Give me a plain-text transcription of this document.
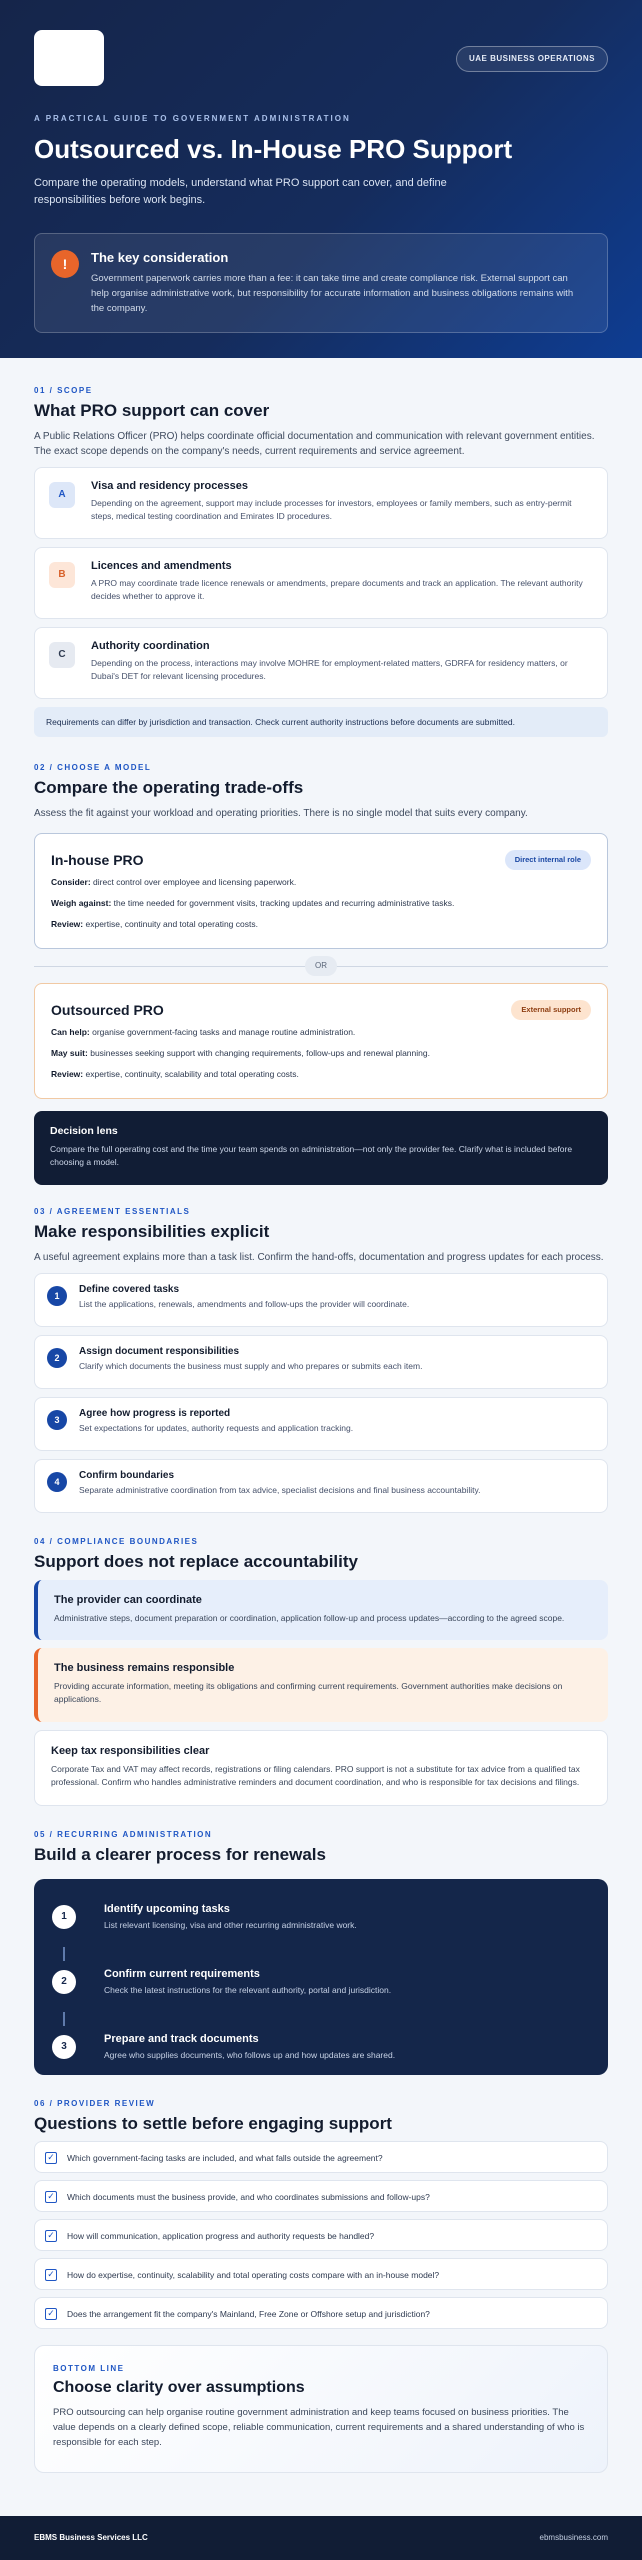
UAE BUSINESS OPERATIONS
A PRACTICAL GUIDE TO GOVERNMENT ADMINISTRATION
Outsourced vs. In-House PRO Support

Compare the operating models, understand what PRO support can cover, and define responsibilities before work begins.

!	The key consideration
Government paperwork carries more than a fee: it can take time and create compliance risk. External support can help organise administrative work, but responsibility for accurate information and business obligations remains with the company.
01 / SCOPE
What PRO support can cover

A Public Relations Officer (PRO) helps coordinate official documentation and communication with relevant government entities. The exact scope depends on the company's needs, current requirements and service agreement.

A
Visa and residency processes
Depending on the agreement, support may include processes for investors, employees or family members, such as entry-permit steps, medical testing coordination and Emirates ID procedures.
B
Licences and amendments
A PRO may coordinate trade licence renewals or amendments, prepare documents and track an application. The relevant authority decides whether to approve it.
C
Authority coordination
Depending on the process, interactions may involve MOHRE for employment-related matters, GDRFA for residency matters, or Dubai's DET for relevant licensing procedures.
Requirements can differ by jurisdiction and transaction. Check current authority instructions before documents are submitted.
02 / CHOOSE A MODEL
Compare the operating trade-offs

Assess the fit against your workload and operating priorities. There is no single model that suits every company.

In-house PRO	Direct internal role
Consider: direct control over employee and licensing paperwork.
Weigh against: the time needed for government visits, tracking updates and recurring administrative tasks.
Review: expertise, continuity and total operating costs.
OR
Outsourced PRO	External support
Can help: organise government-facing tasks and manage routine administration.
May suit: businesses seeking support with changing requirements, follow-ups and renewal planning.
Review: expertise, continuity, scalability and total operating costs.
Decision lens
Compare the full operating cost and the time your team spends on administration—not only the provider fee. Clarify what is included before choosing a model.
03 / AGREEMENT ESSENTIALS
Make responsibilities explicit

A useful agreement explains more than a task list. Confirm the hand-offs, documentation and progress updates for each process.

1
Define covered tasks
List the applications, renewals, amendments and follow-ups the provider will coordinate.
2
Assign document responsibilities
Clarify which documents the business must supply and who prepares or submits each item.
3
Agree how progress is reported
Set expectations for updates, authority requests and application tracking.
4
Confirm boundaries
Separate administrative coordination from tax advice, specialist decisions and final business accountability.
04 / COMPLIANCE BOUNDARIES
Support does not replace accountability
The provider can coordinate
Administrative steps, document preparation or coordination, application follow-up and process updates—according to the agreed scope.
The business remains responsible
Providing accurate information, meeting its obligations and confirming current requirements. Government authorities make decisions on applications.
Keep tax responsibilities clear
Corporate Tax and VAT may affect records, registrations or filing calendars. PRO support is not a substitute for tax advice from a qualified tax professional. Confirm who handles administrative reminders and document coordination, and who is responsible for tax decisions and filings.
05 / RECURRING ADMINISTRATION
Build a clearer process for renewals
1
Identify upcoming tasks
List relevant licensing, visa and other recurring administrative work.
2
Confirm current requirements
Check the latest instructions for the relevant authority, portal and jurisdiction.
3
Prepare and track documents
Agree who supplies documents, who follows up and how updates are shared.
06 / PROVIDER REVIEW
Questions to settle before engaging support
✓ Which government-facing tasks are included, and what falls outside the agreement?
✓ Which documents must the business provide, and who coordinates submissions and follow-ups?
✓ How will communication, application progress and authority requests be handled?
✓ How do expertise, continuity, scalability and total operating costs compare with an in-house model?
✓ Does the arrangement fit the company's Mainland, Free Zone or Offshore setup and jurisdiction?
BOTTOM LINE
Choose clarity over assumptions
PRO outsourcing can help organise routine government administration and keep teams focused on business priorities. The value depends on a clearly defined scope, reliable communication, current requirements and a shared understanding of who is responsible for each step.
EBMS Business Services LLC	ebmsbusiness.com
